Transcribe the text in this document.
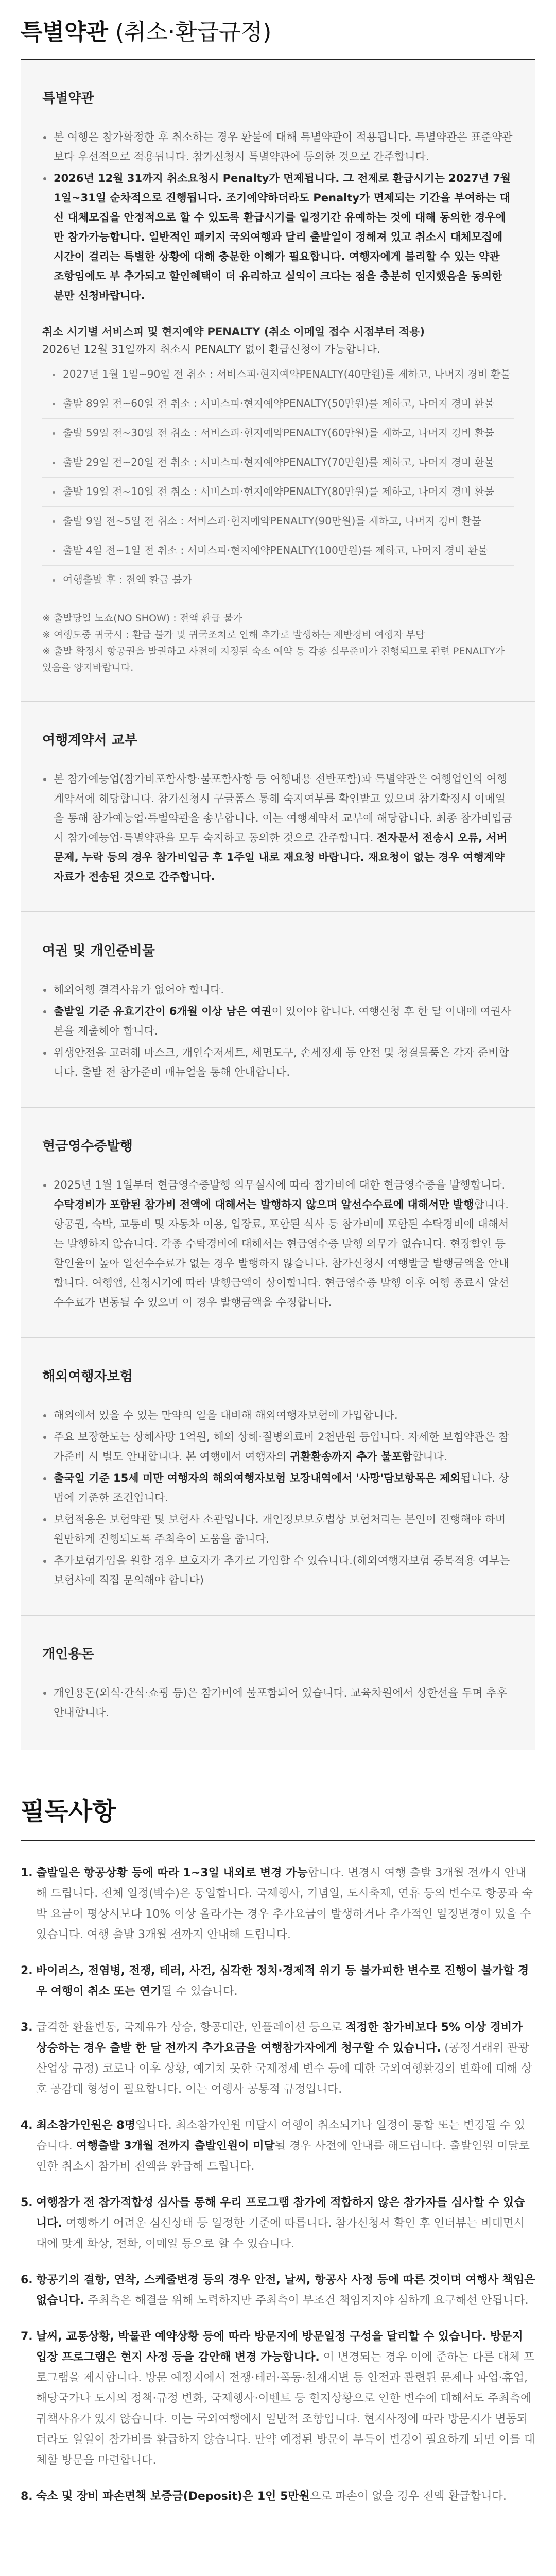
특별약관 (취소·환급규정)
특별약관
본 여행은 참가확정한 후 취소하는 경우 환불에 대해 특별약관이 적용됩니다. 특별약관은 표준약관보다 우선적으로 적용됩니다. 참가신청시 특별약관에 동의한 것으로 간주합니다.
2026년 12월 31까지 취소요청시 Penalty가 면제됩니다. 그 전제로 환급시기는 2027년 7월 1일~31일 순차적으로 진행됩니다. 조기예약하더라도 Penalty가 면제되는 기간을 부여하는 대신 대체모집을 안정적으로 할 수 있도록 환급시기를 일정기간 유예하는 것에 대해 동의한 경우에만 참가가능합니다. 일반적인 패키지 국외여행과 달리 출발일이 정해져 있고 취소시 대체모집에 시간이 걸리는 특별한 상황에 대해 충분한 이해가 필요합니다. 여행자에게 불리할 수 있는 약관 조항임에도 부 추가되고 할인혜택이 더 유리하고 실익이 크다는 점을 충분히 인지했음을 동의한 분만 신청바랍니다.
취소 시기별 서비스피 및 현지예약 PENALTY (취소 이메일 접수 시점부터 적용)
2026년 12월 31일까지 취소시 PENALTY 없이 환급신청이 가능합니다.
2027년 1월 1일~90일 전 취소 : 서비스피·현지예약PENALTY(40만원)를 제하고, 나머지 경비 환불
출발 89일 전~60일 전 취소 : 서비스피·현지예약PENALTY(50만원)를 제하고, 나머지 경비 환불
출발 59일 전~30일 전 취소 : 서비스피·현지예약PENALTY(60만원)를 제하고, 나머지 경비 환불
출발 29일 전~20일 전 취소 : 서비스피·현지예약PENALTY(70만원)를 제하고, 나머지 경비 환불
출발 19일 전~10일 전 취소 : 서비스피·현지예약PENALTY(80만원)를 제하고, 나머지 경비 환불
출발 9일 전~5일 전 취소 : 서비스피·현지예약PENALTY(90만원)를 제하고, 나머지 경비 환불
출발 4일 전~1일 전 취소 : 서비스피·현지예약PENALTY(100만원)를 제하고, 나머지 경비 환불
여행출발 후 : 전액 환급 불가

※ 출발당일 노쇼(NO SHOW) : 전액 환급 불가

※ 여행도중 귀국시 : 환급 불가 및 귀국조치로 인해 추가로 발생하는 제반경비 여행자 부담

※ 출발 확정시 항공권을 발권하고 사전에 지정된 숙소 예약 등 각종 실무준비가 진행되므로 관련 PENALTY가 있음을 양지바랍니다.

여행계약서 교부
본 참가예능업(참가비포함사항·불포함사항 등 여행내용 전반포함)과 특별약관은 여행업인의 여행계약서에 해당합니다. 참가신청시 구글폼스 통해 숙지여부를 확인받고 있으며 참가확정시 이메일을 통해 참가예능업·특별약관을 송부합니다. 이는 여행계약서 교부에 해당합니다. 최종 참가비입금시 참가예능업·특별약관을 모두 숙지하고 동의한 것으로 간주합니다. 전자문서 전송시 오류, 서버문제, 누락 등의 경우 참가비입금 후 1주일 내로 재요청 바랍니다. 재요청이 없는 경우 여행계약 자료가 전송된 것으로 간주합니다.
여권 및 개인준비물
해외여행 결격사유가 없어야 합니다.
출발일 기준 유효기간이 6개월 이상 남은 여권이 있어야 합니다. 여행신청 후 한 달 이내에 여권사본을 제출해야 합니다.
위생안전을 고려해 마스크, 개인수저세트, 세면도구, 손세정제 등 안전 및 청결물품은 각자 준비합니다. 출발 전 참가준비 매뉴얼을 통해 안내합니다.
현금영수증발행
2025년 1월 1일부터 현금영수증발행 의무실시에 따라 참가비에 대한 현금영수증을 발행합니다. 수탁경비가 포함된 참가비 전액에 대해서는 발행하지 않으며 알선수수료에 대해서만 발행합니다. 항공권, 숙박, 교통비 및 자동차 이용, 입장료, 포함된 식사 등 참가비에 포함된 수탁경비에 대해서는 발행하지 않습니다. 각종 수탁경비에 대해서는 현금영수증 발행 의무가 없습니다. 현장할인 등 할인율이 높아 알선수수료가 없는 경우 발행하지 않습니다. 참가신청시 여행발굴 발행금액을 안내합니다. 여행앱, 신청시기에 따라 발행금액이 상이합니다. 현금영수증 발행 이후 여행 종료시 알선수수료가 변동될 수 있으며 이 경우 발행금액을 수정합니다.
해외여행자보험
해외에서 있을 수 있는 만약의 일을 대비해 해외여행자보험에 가입합니다.
주요 보장한도는 상해사망 1억원, 해외 상해·질병의료비 2천만원 등입니다. 자세한 보험약관은 참가준비 시 별도 안내합니다. 본 여행에서 여행자의 귀환환송까지 추가 불포함합니다.
출국일 기준 15세 미만 여행자의 해외여행자보험 보장내역에서 '사망'담보항목은 제외됩니다. 상법에 기준한 조건입니다.
보험적용은 보험약관 및 보험사 소관입니다. 개인정보보호법상 보험처리는 본인이 진행해야 하며 원만하게 진행되도록 주최측이 도움을 줍니다.
추가보험가입을 원할 경우 보호자가 추가로 가입할 수 있습니다.(해외여행자보험 중복적용 여부는 보험사에 직접 문의해야 합니다)
개인용돈
개인용돈(외식·간식·쇼핑 등)은 참가비에 불포함되어 있습니다. 교육차원에서 상한선을 두며 추후 안내합니다.
필독사항
1. 출발일은 항공상황 등에 따라 1~3일 내외로 변경 가능합니다. 변경시 여행 출발 3개월 전까지 안내해 드립니다. 전체 일정(박수)은 동일합니다. 국제행사, 기념일, 도시축제, 연휴 등의 변수로 항공과 숙박 요금이 평상시보다 10% 이상 올라가는 경우 추가요금이 발생하거나 추가적인 일정변경이 있을 수 있습니다. 여행 출발 3개월 전까지 안내해 드립니다.
2. 바이러스, 전염병, 전쟁, 테러, 사건, 심각한 정치·경제적 위기 등 불가피한 변수로 진행이 불가할 경우 여행이 취소 또는 연기될 수 있습니다.
3. 급격한 환율변동, 국제유가 상승, 항공대란, 인플레이션 등으로 적정한 참가비보다 5% 이상 경비가 상승하는 경우 출발 한 달 전까지 추가요금을 여행참가자에게 청구할 수 있습니다. (공정거래위 관광산업상 규정) 코로나 이후 상황, 예기치 못한 국제정세 변수 등에 대한 국외여행환경의 변화에 대해 상호 공감대 형성이 필요합니다. 이는 여행사 공통적 규정입니다.
4. 최소참가인원은 8명입니다. 최소참가인원 미달시 여행이 취소되거나 일정이 통합 또는 변경될 수 있습니다. 여행출발 3개월 전까지 출발인원이 미달될 경우 사전에 안내를 해드립니다. 출발인원 미달로 인한 취소시 참가비 전액을 환급해 드립니다.
5. 여행참가 전 참가적합성 심사를 통해 우리 프로그램 참가에 적합하지 않은 참가자를 심사할 수 있습니다. 여행하기 어려운 심신상태 등 일정한 기준에 따릅니다. 참가신청서 확인 후 인터뷰는 비대면시대에 맞게 화상, 전화, 이메일 등으로 할 수 있습니다.
6. 항공기의 결항, 연착, 스케줄변경 등의 경우 안전, 날씨, 항공사 사정 등에 따른 것이며 여행사 책임은 없습니다. 주최측은 해결을 위해 노력하지만 주최측이 부조건 책임지지야 심하게 요구해선 안됩니다.
7. 날씨, 교통상황, 박물관 예약상황 등에 따라 방문지에 방문일정 구성을 달리할 수 있습니다. 방문지 입장 프로그램은 현지 사정 등을 감안해 변경 가능합니다. 이 변경되는 경우 이에 준하는 다른 대체 프로그램을 제시합니다. 방문 예정지에서 전쟁·테러·폭동·천재지변 등 안전과 관련된 문제나 파업·휴업, 해당국가나 도시의 정책·규정 변화, 국제행사·이벤트 등 현지상황으로 인한 변수에 대해서도 주최측에 귀책사유가 있지 않습니다. 이는 국외여행에서 일반적 조항입니다. 현지사정에 따라 방문지가 변동되더라도 일일이 참가비를 환급하지 않습니다. 만약 예정된 방문이 부득이 변경이 필요하게 되면 이를 대체할 방문을 마련합니다.
8. 숙소 및 장비 파손면책 보증금(Deposit)은 1인 5만원으로 파손이 없을 경우 전액 환급합니다.
